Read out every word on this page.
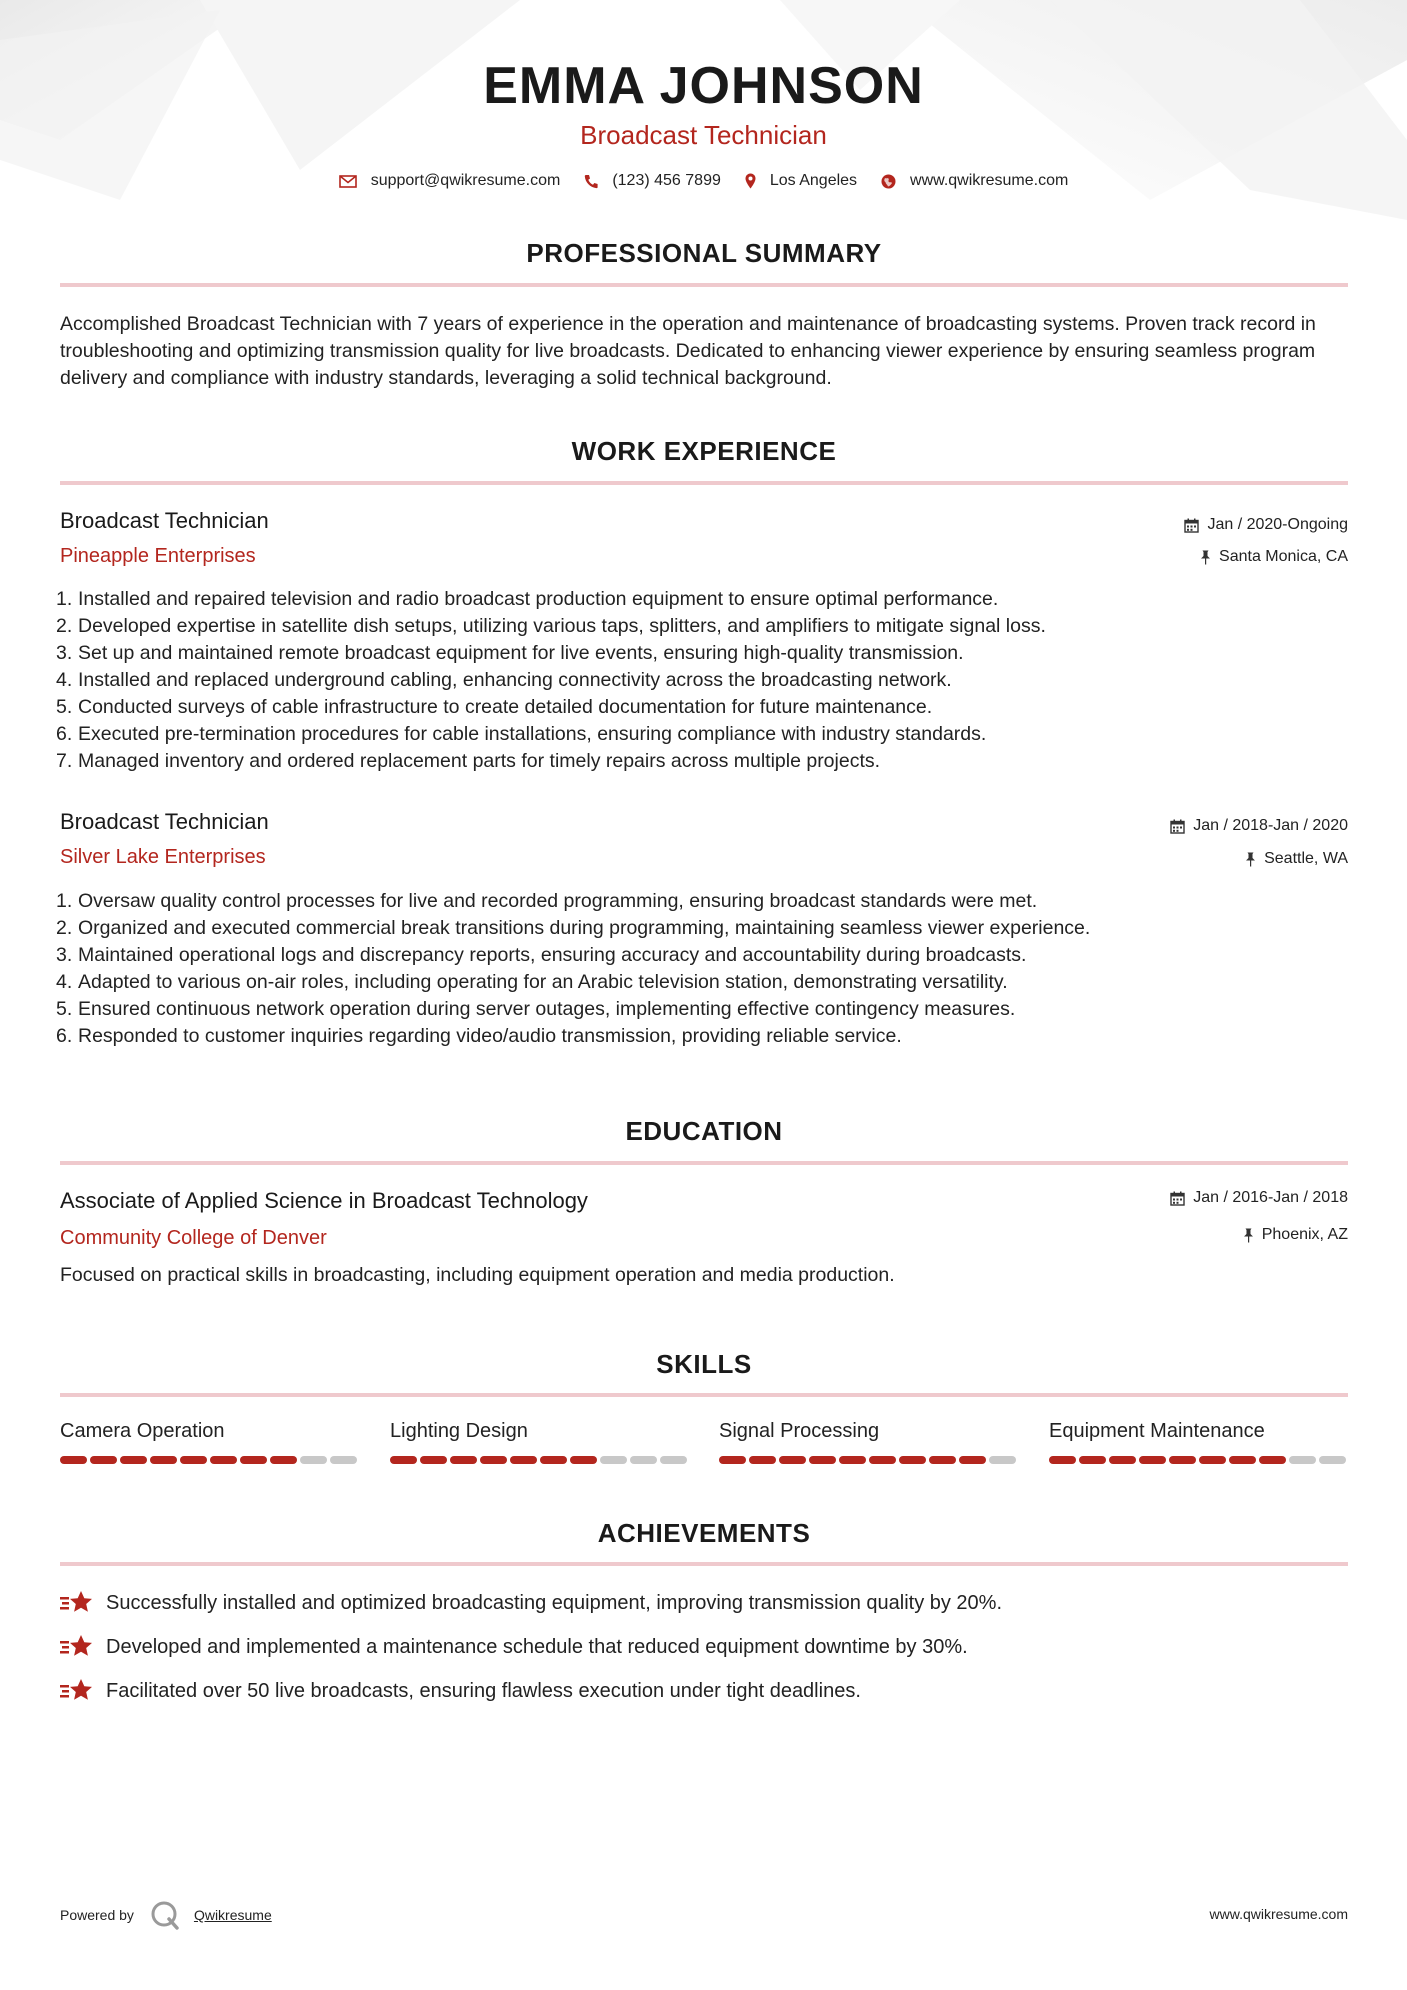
EMMA JOHNSON
Broadcast Technician
support@qwikresume.com	(123) 456 7899	Los Angeles	www.qwikresume.com
PROFESSIONAL SUMMARY
Accomplished Broadcast Technician with 7 years of experience in the operation and maintenance of broadcasting systems. Proven track record in troubleshooting and optimizing transmission quality for live broadcasts. Dedicated to enhancing viewer experience by ensuring seamless program delivery and compliance with industry standards, leveraging a solid technical background.
WORK EXPERIENCE
Broadcast Technician	Jan / 2020-Ongoing
Pineapple Enterprises	Santa Monica, CA
1. Installed and repaired television and radio broadcast production equipment to ensure optimal performance.
2. Developed expertise in satellite dish setups, utilizing various taps, splitters, and amplifiers to mitigate signal loss.
3. Set up and maintained remote broadcast equipment for live events, ensuring high-quality transmission.
4. Installed and replaced underground cabling, enhancing connectivity across the broadcasting network.
5. Conducted surveys of cable infrastructure to create detailed documentation for future maintenance.
6. Executed pre-termination procedures for cable installations, ensuring compliance with industry standards.
7. Managed inventory and ordered replacement parts for timely repairs across multiple projects.
Broadcast Technician	Jan / 2018-Jan / 2020
Silver Lake Enterprises	Seattle, WA
1. Oversaw quality control processes for live and recorded programming, ensuring broadcast standards were met.
2. Organized and executed commercial break transitions during programming, maintaining seamless viewer experience.
3. Maintained operational logs and discrepancy reports, ensuring accuracy and accountability during broadcasts.
4. Adapted to various on-air roles, including operating for an Arabic television station, demonstrating versatility.
5. Ensured continuous network operation during server outages, implementing effective contingency measures.
6. Responded to customer inquiries regarding video/audio transmission, providing reliable service.
EDUCATION
Associate of Applied Science in Broadcast Technology	Jan / 2016-Jan / 2018
Community College of Denver	Phoenix, AZ
Focused on practical skills in broadcasting, including equipment operation and media production.
SKILLS
Camera Operation	Lighting Design	Signal Processing	Equipment Maintenance
ACHIEVEMENTS
Successfully installed and optimized broadcasting equipment, improving transmission quality by 20%.
Developed and implemented a maintenance schedule that reduced equipment downtime by 30%.
Facilitated over 50 live broadcasts, ensuring flawless execution under tight deadlines.
Powered by	Qwikresume	www.qwikresume.com
